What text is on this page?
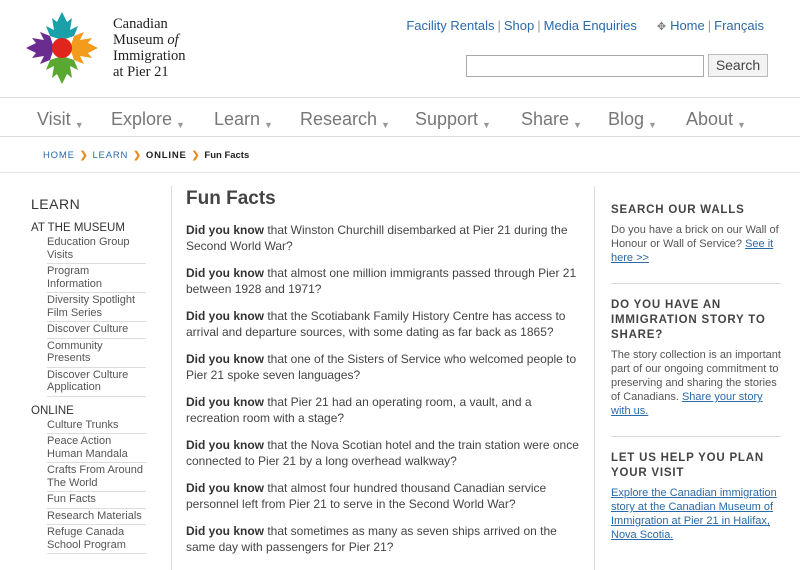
Canadian
Museum of
Immigration
at Pier 21
Facility Rentals | Shop | Media Enquiries ✥ Home | Français
Search
Visit ▼ Explore ▼ Learn ▼ Research ▼ Support ▼ Share ▼ Blog ▼ About ▼
HOME ❯ LEARN ❯ ONLINE ❯ Fun Facts
LEARN
AT THE MUSEUM
Education Group Visits
Program Information
Diversity Spotlight Film Series
Discover Culture
Community Presents
Discover Culture Application
ONLINE
Culture Trunks
Peace Action Human Mandala
Crafts From Around The World
Fun Facts
Research Materials
Refuge Canada School Program
Fun Facts

Did you know that Winston Churchill disembarked at Pier 21 during the Second World War?

Did you know that almost one million immigrants passed through Pier 21 between 1928 and 1971?

Did you know that the Scotiabank Family History Centre has access to arrival and departure sources, with some dating as far back as 1865?

Did you know that one of the Sisters of Service who welcomed people to Pier 21 spoke seven languages?

Did you know that Pier 21 had an operating room, a vault, and a recreation room with a stage?

Did you know that the Nova Scotian hotel and the train station were once connected to Pier 21 by a long overhead walkway?

Did you know that almost four hundred thousand Canadian service personnel left from Pier 21 to serve in the Second World War?

Did you know that sometimes as many as seven ships arrived on the same day with passengers for Pier 21?

SEARCH OUR WALLS
Do you have a brick on our Wall of Honour or Wall of Service? See it here >>
DO YOU HAVE AN IMMIGRATION STORY TO SHARE?
The story collection is an important part of our ongoing commitment to preserving and sharing the stories of Canadians. Share your story with us.
LET US HELP YOU PLAN YOUR VISIT
Explore the Canadian immigration story at the Canadian Museum of Immigration at Pier 21 in Halifax, Nova Scotia.
